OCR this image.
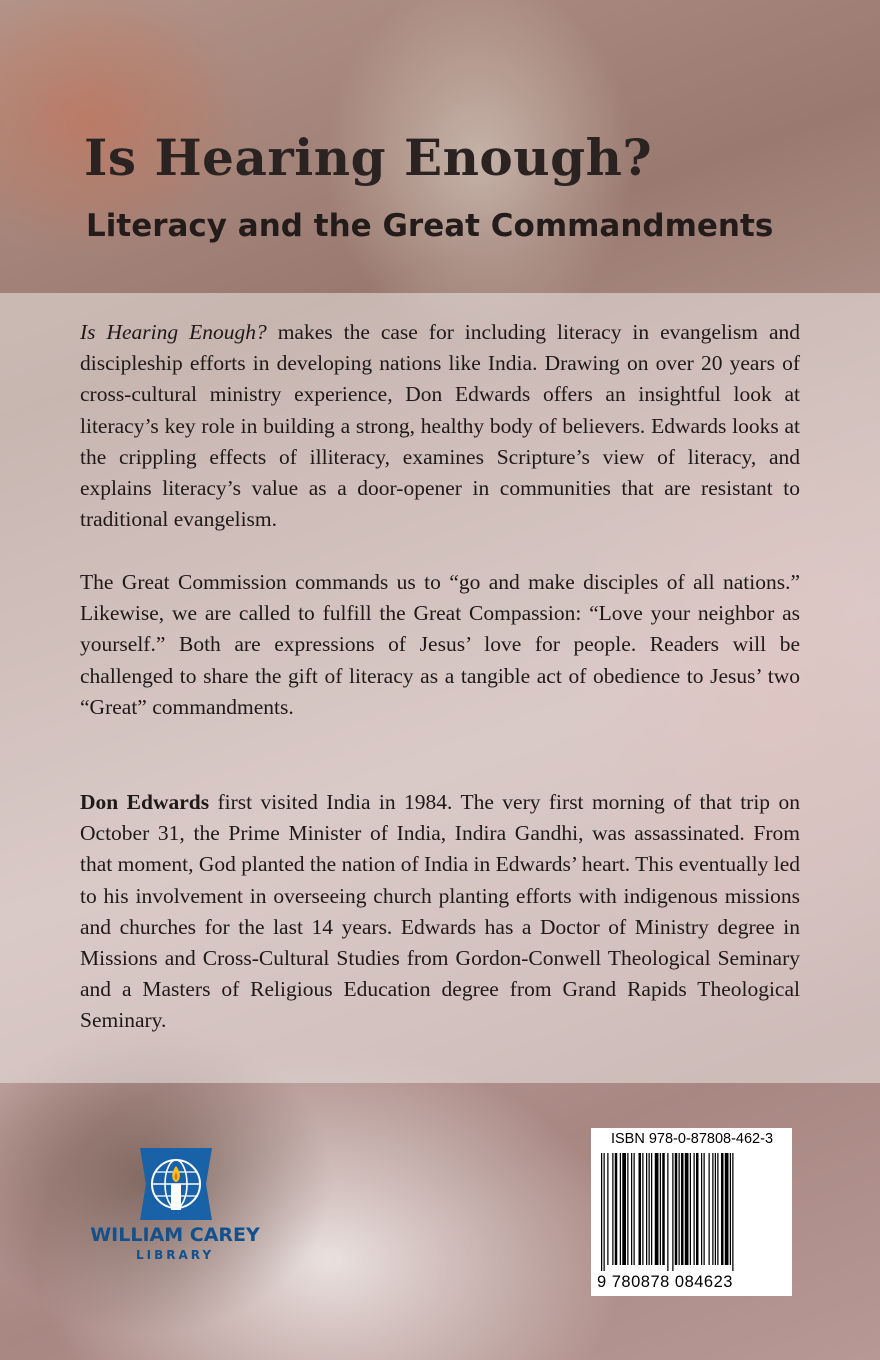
Is Hearing Enough?
Literacy and the Great Commandments

Is Hearing Enough? makes the case for including literacy in evangelism and discipleship efforts in developing nations like India. Drawing on over 20 years of cross-cultural ministry experience, Don Edwards offers an insightful look at literacy’s key role in building a strong, healthy body of believers. Edwards looks at the crippling effects of illiteracy, examines Scripture’s view of literacy, and explains literacy’s value as a door-opener in communities that are resistant to traditional evangelism.

The Great Commission commands us to “go and make disciples of all nations.” Likewise, we are called to fulfill the Great Compassion: “Love your neighbor as yourself.” Both are expressions of Jesus’ love for people. Readers will be challenged to share the gift of literacy as a tangible act of obedience to Jesus’ two “Great” commandments.

Don Edwards first visited India in 1984. The very first morning of that trip on October 31, the Prime Minister of India, Indira Gandhi, was assassinated. From that moment, God planted the nation of India in Edwards’ heart. This eventually led to his involvement in overseeing church planting efforts with indigenous missions and churches for the last 14 years. Edwards has a Doctor of Ministry degree in Missions and Cross-Cultural Studies from Gordon-Conwell Theological Seminary and a Masters of Religious Education degree from Grand Rapids Theological Seminary.

WILLIAM CAREY
LIBRARY
ISBN 978-0-87808-462-3
9 780878 084623
